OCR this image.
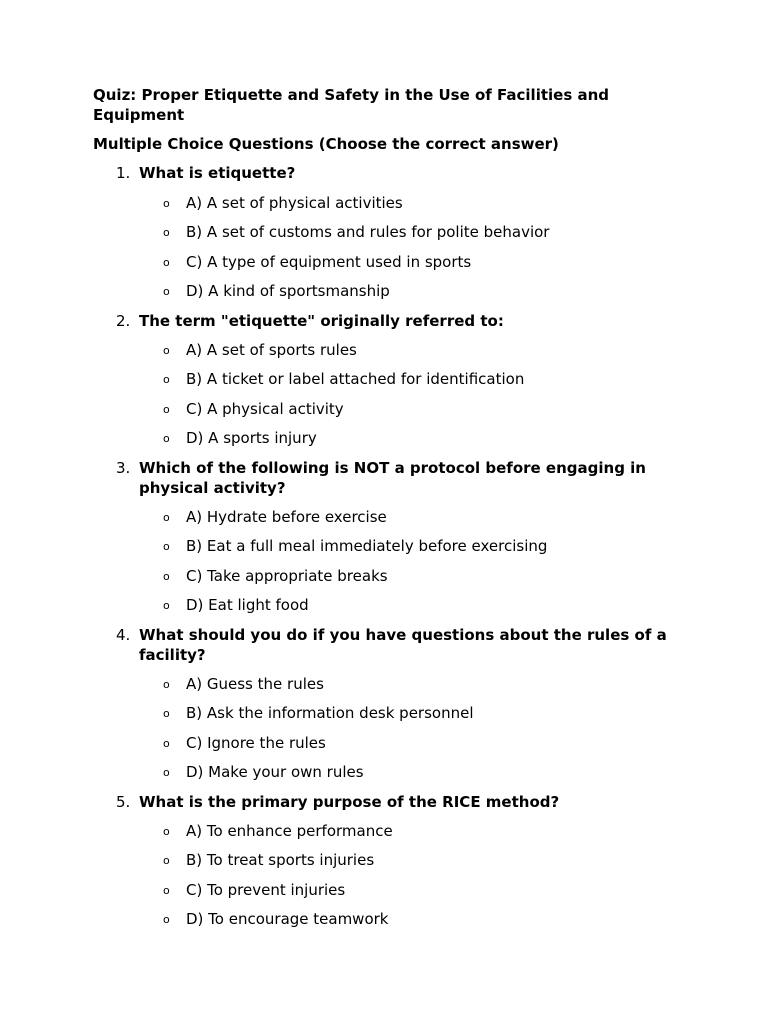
Quiz: Proper Etiquette and Safety in the Use of Facilities and Equipment
Multiple Choice Questions (Choose the correct answer)
1. What is etiquette?
o A) A set of physical activities
o B) A set of customs and rules for polite behavior
o C) A type of equipment used in sports
o D) A kind of sportsmanship
2. The term "etiquette" originally referred to:
o A) A set of sports rules
o B) A ticket or label attached for identification
o C) A physical activity
o D) A sports injury
3. Which of the following is NOT a protocol before engaging in physical activity?
o A) Hydrate before exercise
o B) Eat a full meal immediately before exercising
o C) Take appropriate breaks
o D) Eat light food
4. What should you do if you have questions about the rules of a facility?
o A) Guess the rules
o B) Ask the information desk personnel
o C) Ignore the rules
o D) Make your own rules
5. What is the primary purpose of the RICE method?
o A) To enhance performance
o B) To treat sports injuries
o C) To prevent injuries
o D) To encourage teamwork
